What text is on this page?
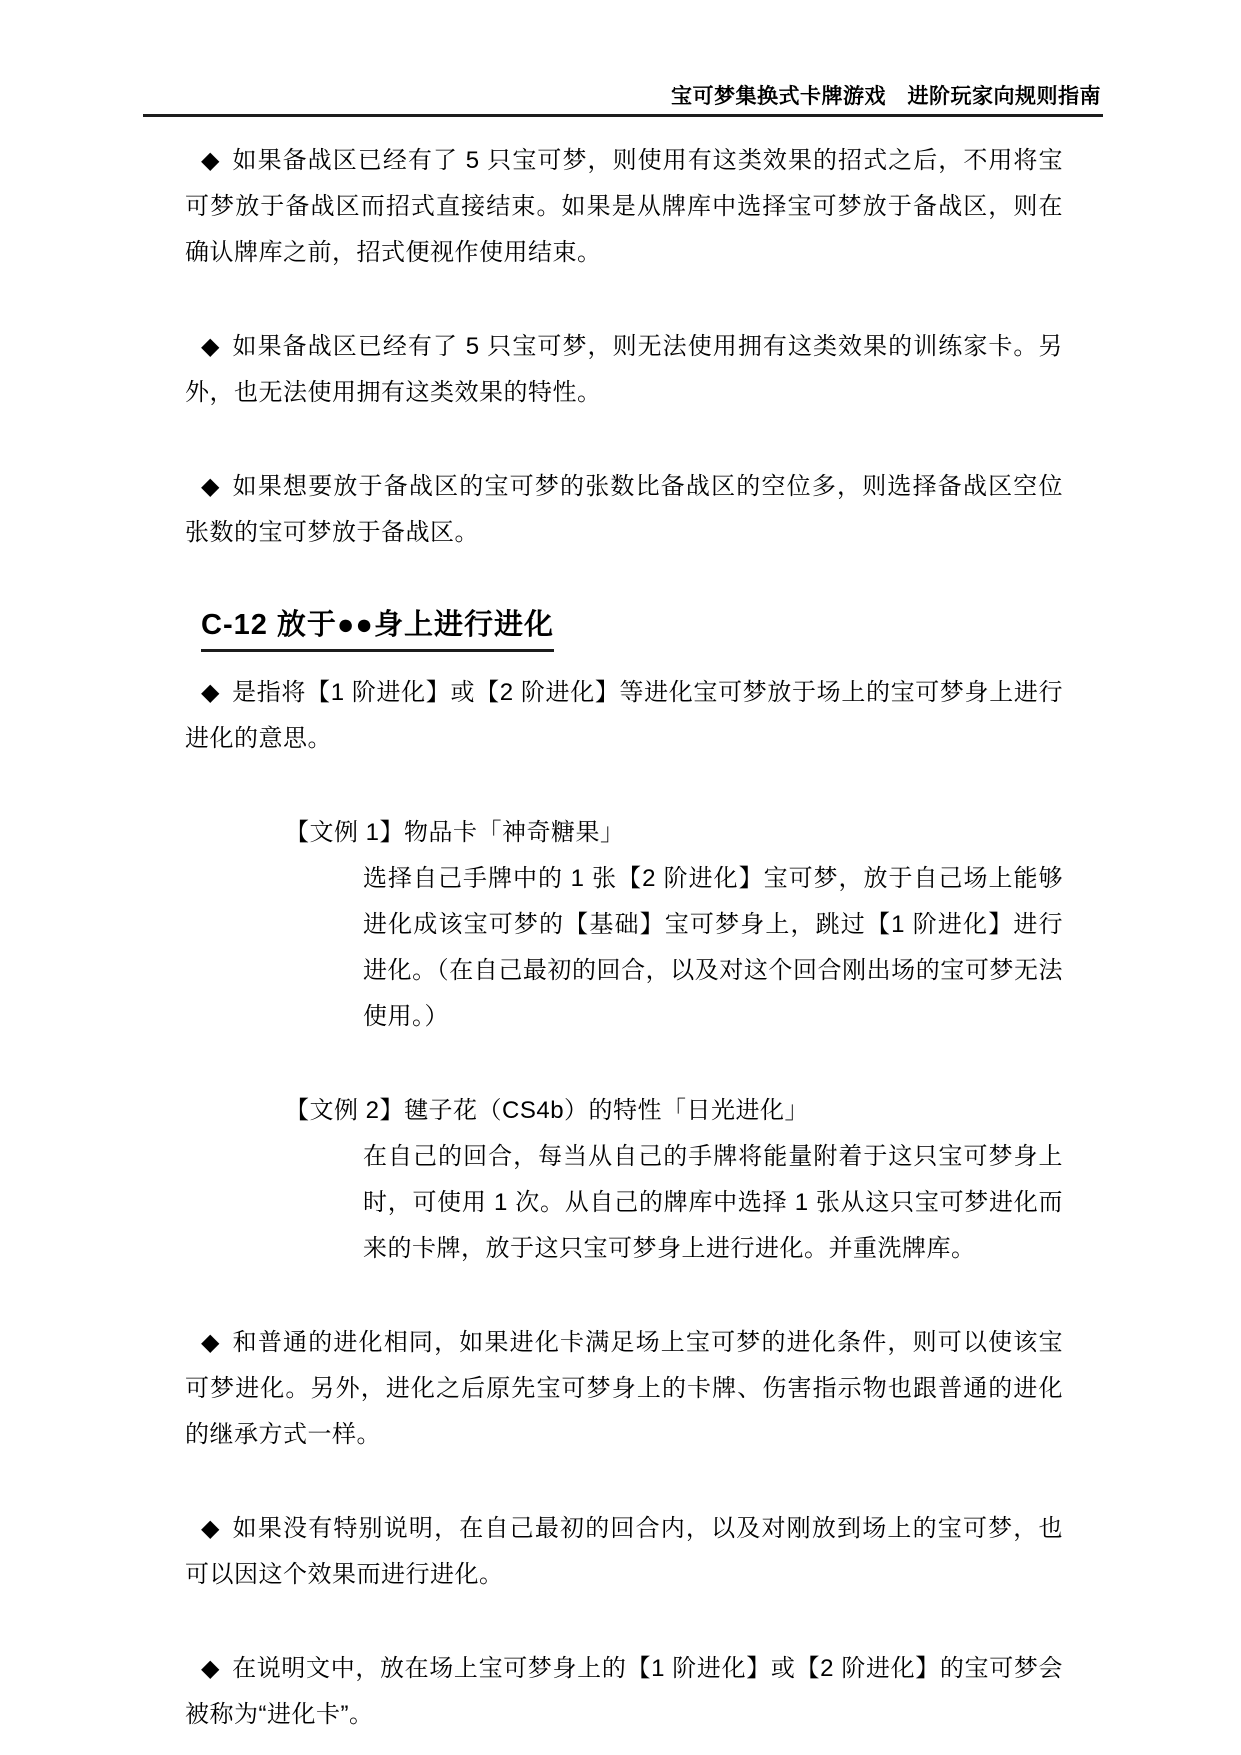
宝可梦集换式卡牌游戏　进阶玩家向规则指南

◆ 如果备战区已经有了 5 只宝可梦，则使用有这类效果的招式之后，不用将宝可梦放于备战区而招式直接结束。如果是从牌库中选择宝可梦放于备战区，则在确认牌库之前，招式便视作使用结束。

◆ 如果备战区已经有了 5 只宝可梦，则无法使用拥有这类效果的训练家卡。另外，也无法使用拥有这类效果的特性。

◆ 如果想要放于备战区的宝可梦的张数比备战区的空位多，则选择备战区空位张数的宝可梦放于备战区。

C-12 放于●●身上进行进化

◆ 是指将【1 阶进化】或【2 阶进化】等进化宝可梦放于场上的宝可梦身上进行进化的意思。

【文例 1】物品卡「神奇糖果」
选择自己手牌中的 1 张【2 阶进化】宝可梦，放于自己场上能够进化成该宝可梦的【基础】宝可梦身上，跳过【1 阶进化】进行进化。（在自己最初的回合，以及对这个回合刚出场的宝可梦无法使用。）
【文例 2】毽子花（CS4b）的特性「日光进化」
在自己的回合，每当从自己的手牌将能量附着于这只宝可梦身上时，可使用 1 次。从自己的牌库中选择 1 张从这只宝可梦进化而来的卡牌，放于这只宝可梦身上进行进化。并重洗牌库。

◆ 和普通的进化相同，如果进化卡满足场上宝可梦的进化条件，则可以使该宝可梦进化。另外，进化之后原先宝可梦身上的卡牌、伤害指示物也跟普通的进化的继承方式一样。

◆ 如果没有特别说明，在自己最初的回合内，以及对刚放到场上的宝可梦，也可以因这个效果而进行进化。

◆ 在说明文中，放在场上宝可梦身上的【1 阶进化】或【2 阶进化】的宝可梦会被称为“进化卡”。
